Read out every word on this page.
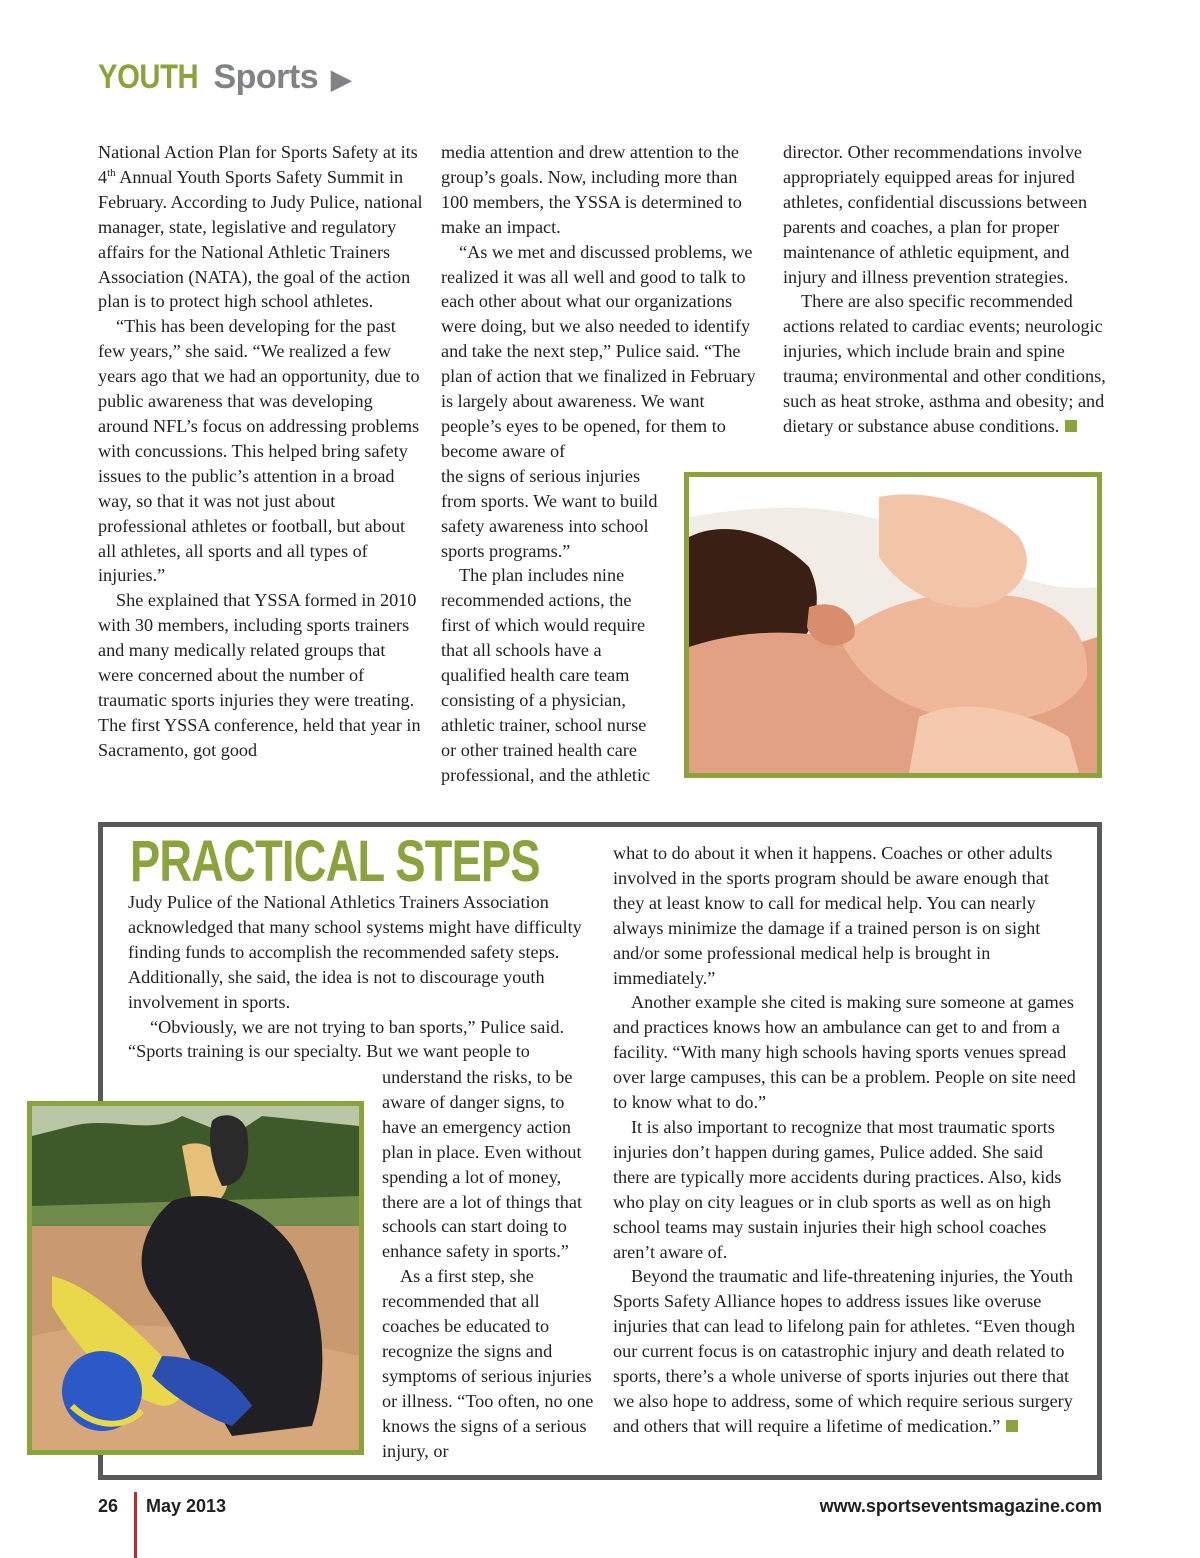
YOUTH Sports ▶

National Action Plan for Sports Safety at its 4th Annual Youth Sports Safety Summit in February. According to Judy Pulice, national manager, state, legislative and regulatory affairs for the National Athletic Trainers Association (NATA), the goal of the action plan is to protect high school athletes.

“This has been developing for the past few years,” she said. “We realized a few years ago that we had an opportunity, due to public awareness that was developing around NFL’s focus on addressing problems with concussions. This helped bring safety issues to the public’s attention in a broad way, so that it was not just about professional athletes or football, but about all athletes, all sports and all types of injuries.”

She explained that YSSA formed in 2010 with 30 members, including sports trainers and many medically related groups that were concerned about the number of traumatic sports injuries they were treating. The first YSSA conference, held that year in Sacramento, got good

media attention and drew attention to the group’s goals. Now, including more than 100 members, the YSSA is determined to make an impact.

“As we met and discussed problems, we realized it was all well and good to talk to each other about what our organizations were doing, but we also needed to identify and take the next step,” Pulice said. “The plan of action that we finalized in February is largely about awareness. We want people’s eyes to be opened, for them to become aware of
the signs of serious injuries
from sports. We want to build
safety awareness into school
sports programs.”

The plan includes nine recommended actions, the first of which would require that all schools have a qualified health care team consisting of a physician, athletic trainer, school nurse or other trained health care professional, and the athletic

director. Other recommendations involve appropriately equipped areas for injured athletes, confidential discussions between parents and coaches, a plan for proper maintenance of athletic equipment, and injury and illness prevention strategies.

There are also specific recommended actions related to cardiac events; neurologic injuries, which include brain and spine trauma; environmental and other conditions, such as heat stroke, asthma and obesity; and dietary or substance abuse conditions.

PRACTICAL STEPS

Judy Pulice of the National Athletics Trainers Association acknowledged that many school systems might have difficulty finding funds to accomplish the recommended safety steps. Additionally, she said, the idea is not to discourage youth involvement in sports.

“Obviously, we are not trying to ban sports,” Pulice said. “Sports training is our specialty. But we want people to

understand the risks, to be aware of danger signs, to have an emergency action plan in place. Even without spending a lot of money, there are a lot of things that schools can start doing to enhance safety in sports.”

As a first step, she recommended that all coaches be educated to recognize the signs and symptoms of serious injuries or illness. “Too often, no one knows the signs of a serious injury, or

what to do about it when it happens. Coaches or other adults involved in the sports program should be aware enough that they at least know to call for medical help. You can nearly always minimize the damage if a trained person is on sight and/or some professional medical help is brought in immediately.”

Another example she cited is making sure someone at games and practices knows how an ambulance can get to and from a facility. “With many high schools having sports venues spread over large campuses, this can be a problem. People on site need to know what to do.”

It is also important to recognize that most traumatic sports injuries don’t happen during games, Pulice added. She said there are typically more accidents during practices. Also, kids who play on city leagues or in club sports as well as on high school teams may sustain injuries their high school coaches aren’t aware of.

Beyond the traumatic and life-threatening injuries, the Youth Sports Safety Alliance hopes to address issues like overuse injuries that can lead to lifelong pain for athletes. “Even though our current focus is on catastrophic injury and death related to sports, there’s a whole universe of sports injuries out there that we also hope to address, some of which require serious surgery and others that will require a lifetime of medication.”

26 May 2013	www.sportseventsmagazine.com
